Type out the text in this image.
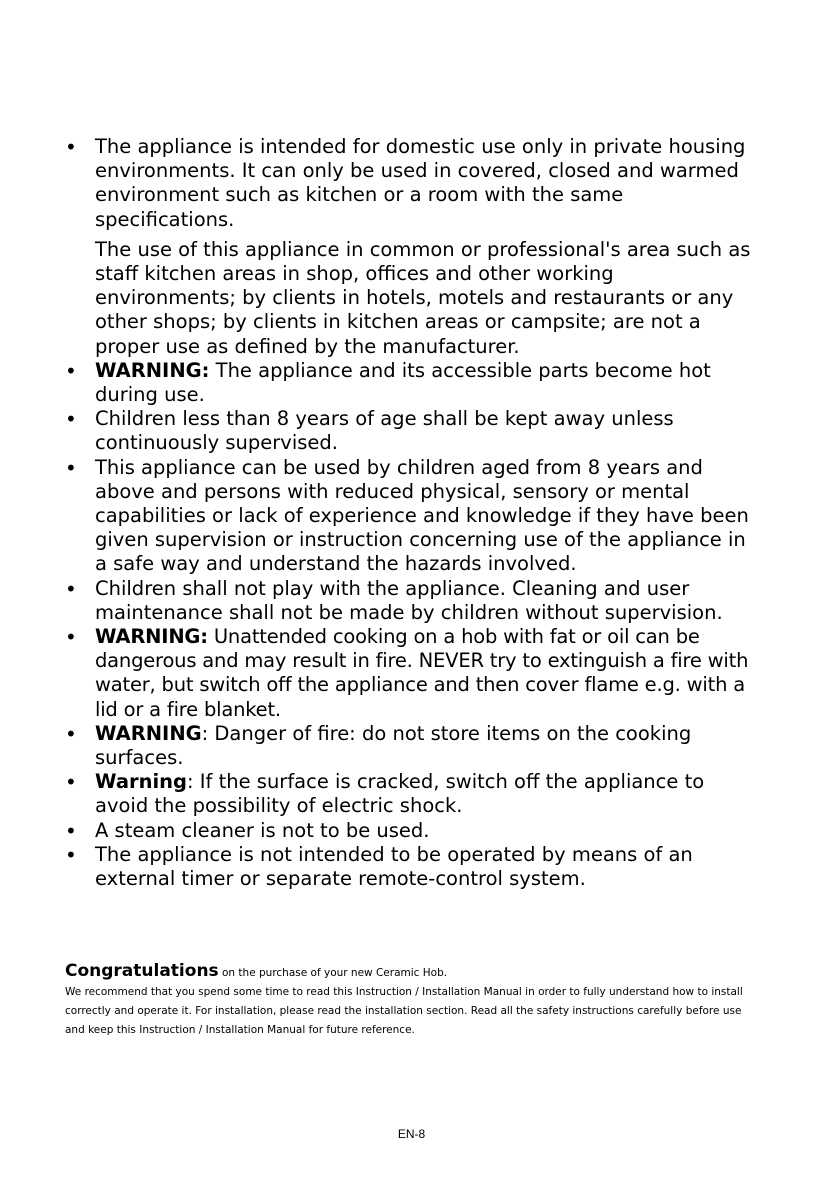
• The appliance is intended for domestic use only in private housing environments. It can only be used in covered, closed and warmed environment such as kitchen or a room with the same specifications.

The use of this appliance in common or professional's area such as staff kitchen areas in shop, offices and other working environments; by clients in hotels, motels and restaurants or any other shops; by clients in kitchen areas or campsite; are not a proper use as defined by the manufacturer.

• WARNING: The appliance and its accessible parts become hot during use.
• Children less than 8 years of age shall be kept away unless continuously supervised.
• This appliance can be used by children aged from 8 years and above and persons with reduced physical, sensory or mental capabilities or lack of experience and knowledge if they have been given supervision or instruction concerning use of the appliance in a safe way and understand the hazards involved.
• Children shall not play with the appliance. Cleaning and user maintenance shall not be made by children without supervision.
• WARNING: Unattended cooking on a hob with fat or oil can be dangerous and may result in fire. NEVER try to extinguish a fire with water, but switch off the appliance and then cover flame e.g. with a lid or a fire blanket.
• WARNING: Danger of fire: do not store items on the cooking surfaces.
• Warning: If the surface is cracked, switch off the appliance to avoid the possibility of electric shock.
• A steam cleaner is not to be used.
• The appliance is not intended to be operated by means of an external timer or separate remote-control system.
Congratulations on the purchase of your new Ceramic Hob.
We recommend that you spend some time to read this Instruction / Installation Manual in order to fully understand how to install correctly and operate it. For installation, please read the installation section. Read all the safety instructions carefully before use and keep this Instruction / Installation Manual for future reference.
EN-8
